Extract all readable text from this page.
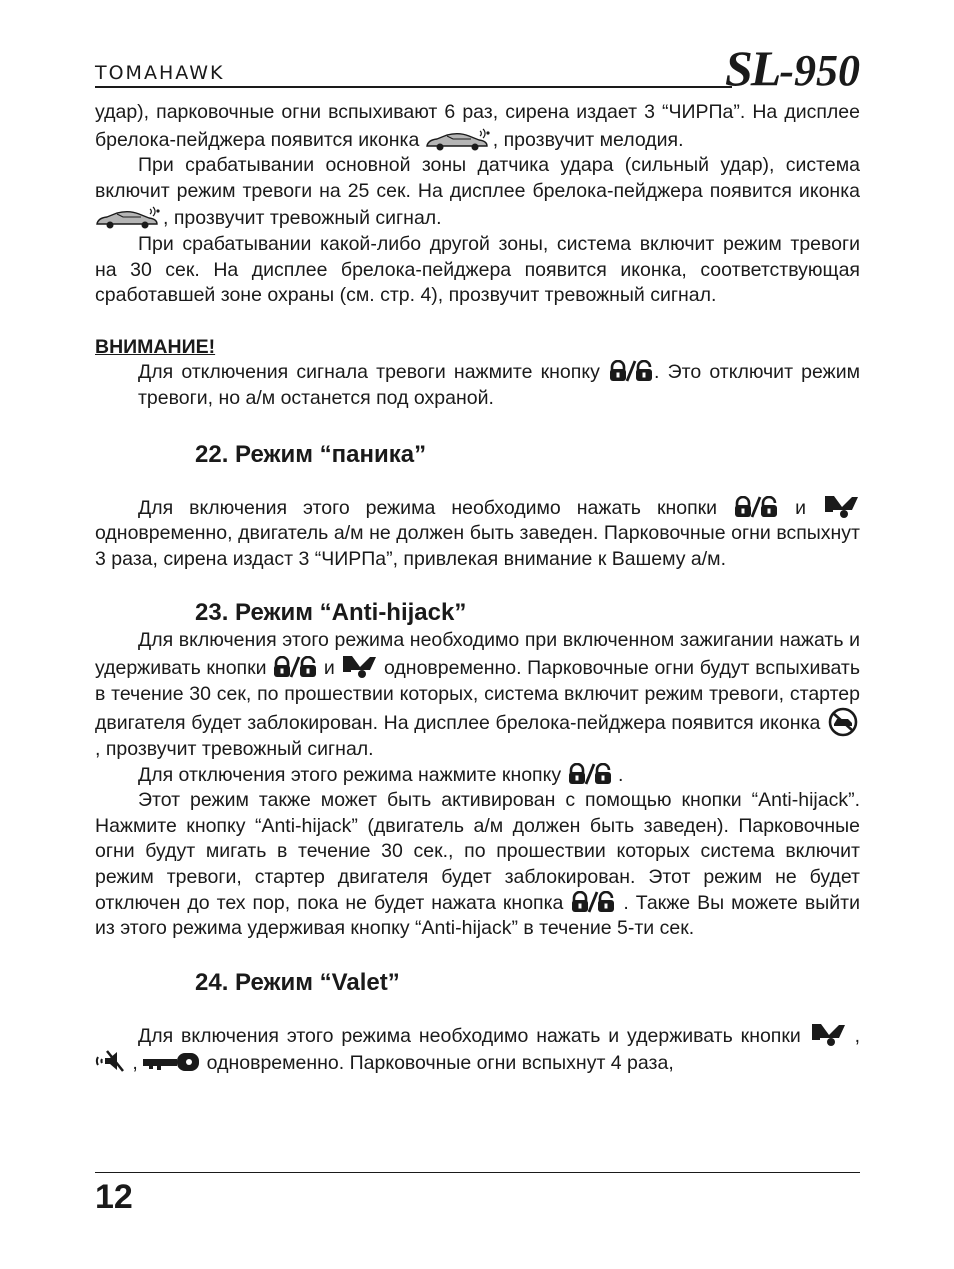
TOMAHAWK	SL-950

удар), парковочные огни вспыхивают 6 раз, сирена издает 3 “ЧИРПа”. На дисплее брелока-пейджера появится иконка	, прозвучит мелодия.

При срабатывании основной зоны датчика удара (сильный удар), система включит режим тревоги на 25 сек. На дисплее брелока-пейджера появится иконка , прозвучит тревожный сигнал.

При срабатывании какой-либо другой зоны, система включит режим тревоги на 30 сек. На дисплее брелока-пейджера появится иконка, соответствующая сработавшей зоне охраны (см. стр. 4), прозвучит тревожный сигнал.

ВНИМАНИЕ!

Для отключения сигнала тревоги нажмите кнопку . Это отключит режим тревоги, но а/м останется под охраной.

22. Режим “паника”

Для включения этого режима необходимо нажать кнопки  и  одновременно, двигатель а/м не должен быть заведен. Парковочные огни вспыхнут 3 раза, сирена издаст 3 “ЧИРПа”, привлекая внимание к Вашему а/м.

23. Режим “Anti-hijack”

Для включения этого режима необходимо при включенном зажигании нажать и удерживать кнопки  и  одновременно. Парковочные огни будут вспыхивать в течение 30 сек, по прошествии которых, система включит режим тревоги, стартер двигателя будет заблокирован. На дисплее брелока-пейджера появится иконка  , прозвучит тревожный сигнал.

Для отключения этого режима нажмите кнопку  .

Этот режим также может быть активирован с помощью кнопки “Anti-hijack”. Нажмите кнопку “Anti-hijack” (двигатель а/м должен быть заведен). Парковочные огни будут мигать в течение 30 сек., по прошествии которых система включит режим тревоги, стартер двигателя будет заблокирован. Этот режим не будет отключен до тех пор, пока не будет нажата кнопка  . Также Вы можете выйти из этого режима удерживая кнопку “Anti-hijack” в течение 5-ти сек.

24. Режим “Valet”

Для включения этого режима необходимо нажать и удерживать кнопки  ,  ,	одновременно. Парковочные огни вспыхнут 4 раза,

12
